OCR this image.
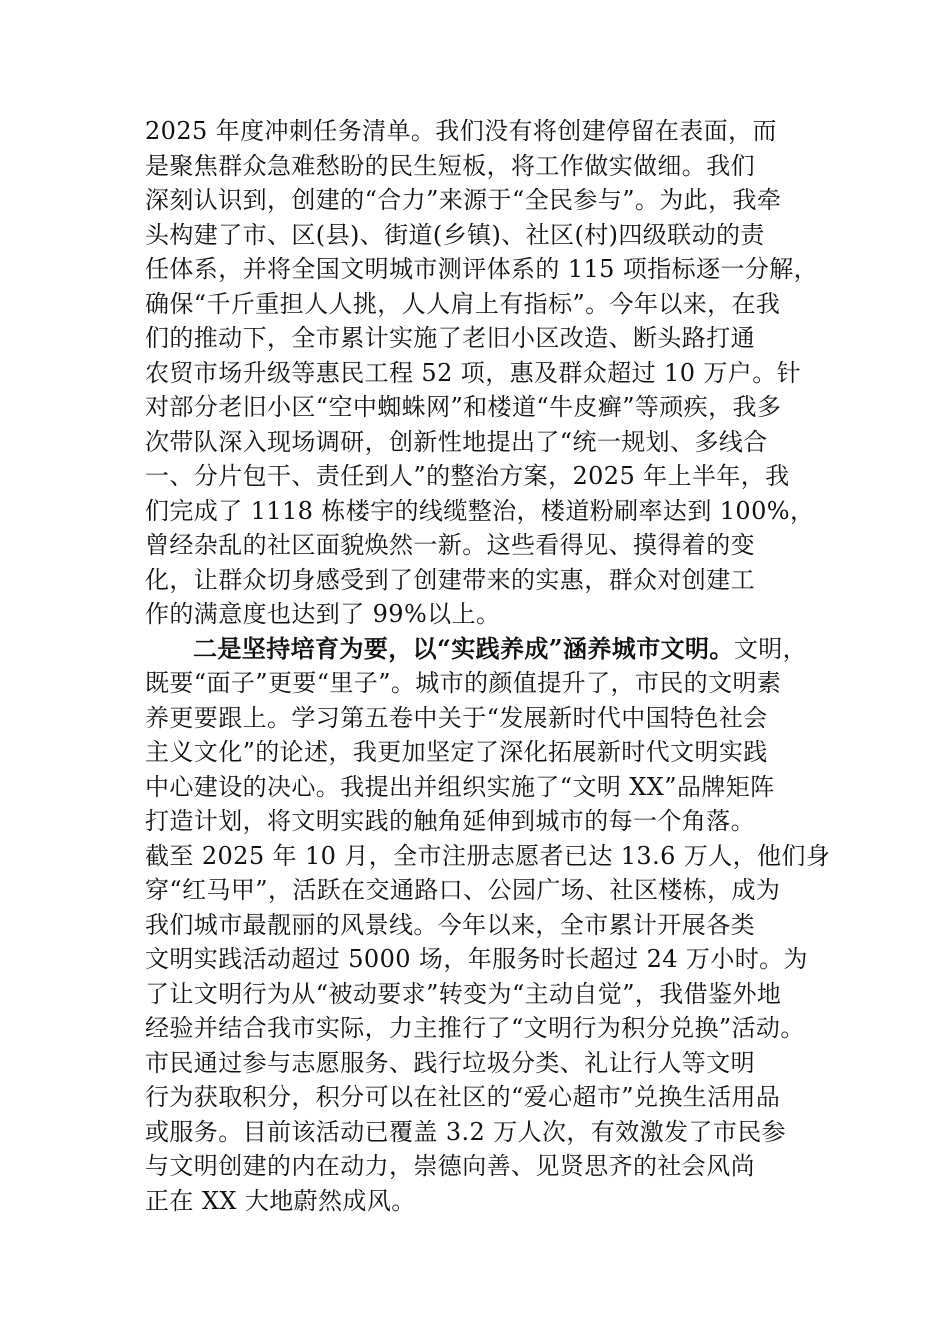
2025 年度冲刺任务清单。我们没有将创建停留在表面，而
是聚焦群众急难愁盼的民生短板，将工作做实做细。我们
深刻认识到，创建的“合力”来源于“全民参与”。为此，我牵
头构建了市、区(县)、街道(乡镇)、社区(村)四级联动的责
任体系，并将全国文明城市测评体系的 115 项指标逐一分解，
确保“千斤重担人人挑，人人肩上有指标”。今年以来，在我
们的推动下，全市累计实施了老旧小区改造、断头路打通
农贸市场升级等惠民工程 52 项，惠及群众超过 10 万户。针
对部分老旧小区“空中蜘蛛网”和楼道“牛皮癣”等顽疾，我多
次带队深入现场调研，创新性地提出了“统一规划、多线合
一、分片包干、责任到人”的整治方案，2025 年上半年，我
们完成了 1118 栋楼宇的线缆整治，楼道粉刷率达到 100%，
曾经杂乱的社区面貌焕然一新。这些看得见、摸得着的变
化，让群众切身感受到了创建带来的实惠，群众对创建工
作的满意度也达到了 99%以上。
二是坚持培育为要，以“实践养成”涵养城市文明。文明，
既要“面子”更要“里子”。城市的颜值提升了，市民的文明素
养更要跟上。学习第五卷中关于“发展新时代中国特色社会
主义文化”的论述，我更加坚定了深化拓展新时代文明实践
中心建设的决心。我提出并组织实施了“文明 XX”品牌矩阵
打造计划，将文明实践的触角延伸到城市的每一个角落。
截至 2025 年 10 月，全市注册志愿者已达 13.6 万人，他们身
穿“红马甲”，活跃在交通路口、公园广场、社区楼栋，成为
我们城市最靓丽的风景线。今年以来，全市累计开展各类
文明实践活动超过 5000 场，年服务时长超过 24 万小时。为
了让文明行为从“被动要求”转变为“主动自觉”，我借鉴外地
经验并结合我市实际，力主推行了“文明行为积分兑换”活动。
市民通过参与志愿服务、践行垃圾分类、礼让行人等文明
行为获取积分，积分可以在社区的“爱心超市”兑换生活用品
或服务。目前该活动已覆盖 3.2 万人次，有效激发了市民参
与文明创建的内在动力，崇德向善、见贤思齐的社会风尚
正在 XX 大地蔚然成风。
